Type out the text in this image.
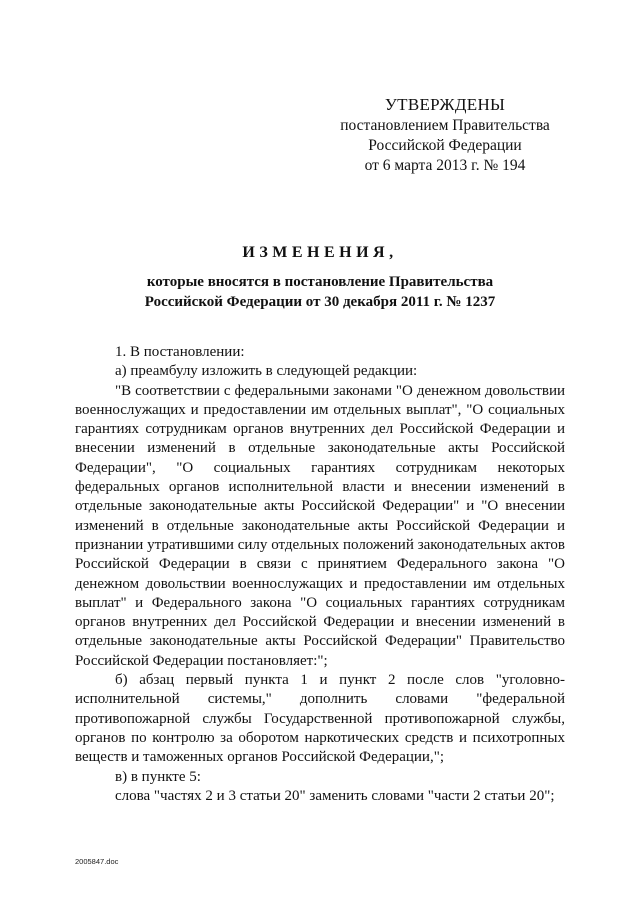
УТВЕРЖДЕНЫ
постановлением Правительства
Российской Федерации
от 6 марта 2013 г. № 194
ИЗМЕНЕНИЯ,
которые вносятся в постановление Правительства
Российской Федерации от 30 декабря 2011 г. № 1237

1. В постановлении:

а) преамбулу изложить в следующей редакции:

"В соответствии с федеральными законами "О денежном довольствии военнослужащих и предоставлении им отдельных выплат", "О социальных гарантиях сотрудникам органов внутренних дел Российской Федерации и внесении изменений в отдельные законодательные акты Российской Федерации", "О социальных гарантиях сотрудникам некоторых федеральных органов исполнительной власти и внесении изменений в отдельные законодательные акты Российской Федерации" и "О внесении изменений в отдельные законодательные акты Российской Федерации и признании утратившими силу отдельных положений законодательных актов Российской Федерации в связи с принятием Федерального закона "О денежном довольствии военнослужащих и предоставлении им отдельных выплат" и Федерального закона "О социальных гарантиях сотрудникам органов внутренних дел Российской Федерации и внесении изменений в отдельные законодательные акты Российской Федерации" Правительство Российской Федерации постановляет:";

б) абзац первый пункта 1 и пункт 2 после слов "уголовно-исполнительной системы," дополнить словами "федеральной противопожарной службы Государственной противопожарной службы, органов по контролю за оборотом наркотических средств и психотропных веществ и таможенных органов Российской Федерации,";

в) в пункте 5:

слова "частях 2 и 3 статьи 20" заменить словами "части 2 статьи 20";

2005847.doc
